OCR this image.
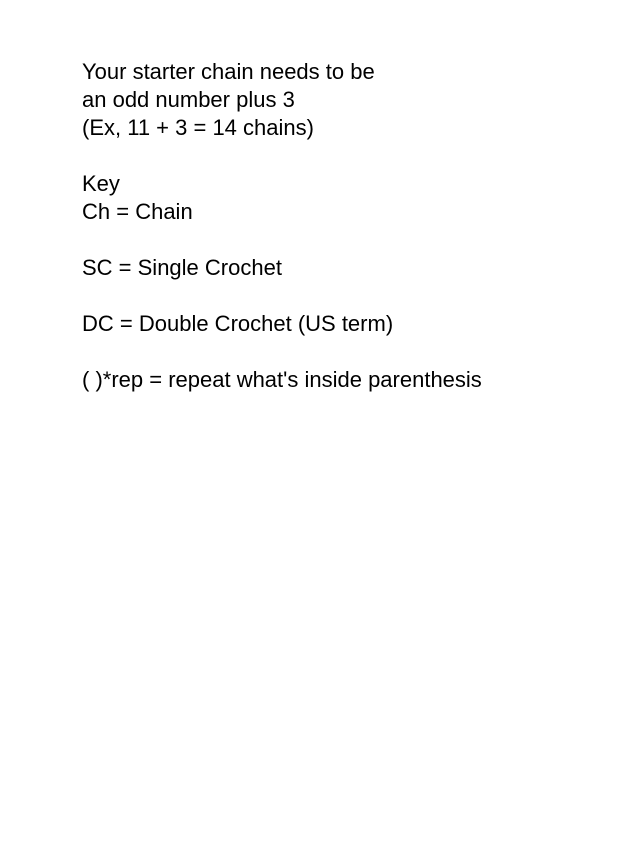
Your starter chain needs to be
an odd number plus 3
(Ex, 11 + 3 = 14 chains)
Key
Ch = Chain
SC = Single Crochet
DC = Double Crochet (US term)
( )*rep = repeat what's inside parenthesis
